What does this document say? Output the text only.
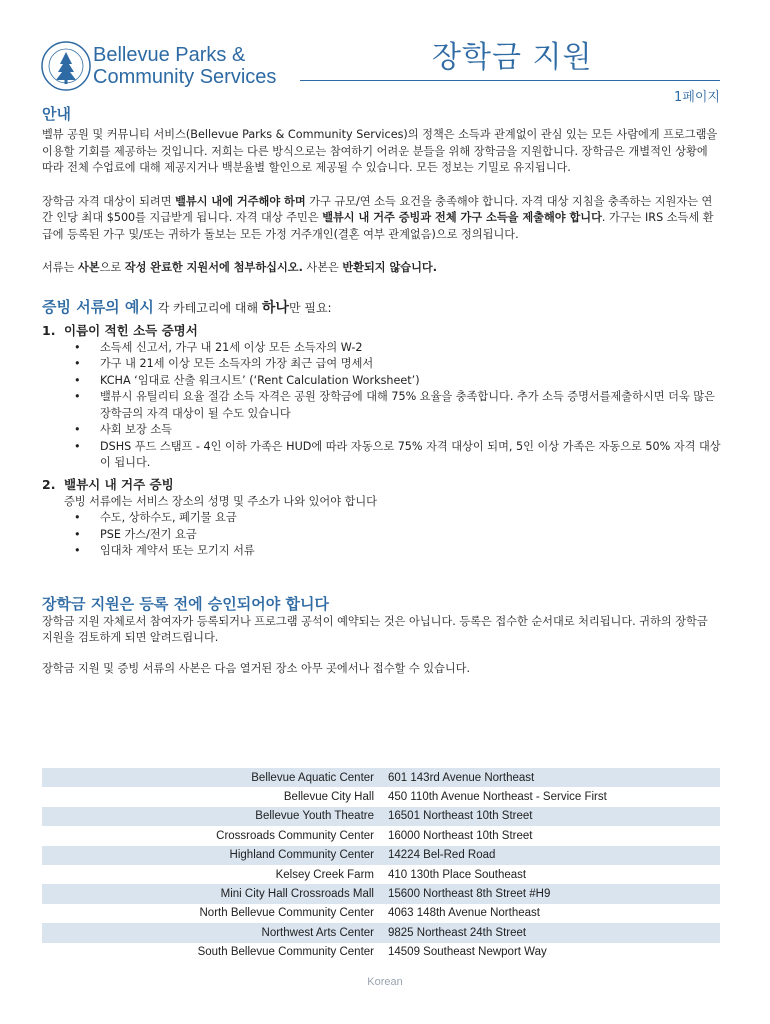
Bellevue Parks &
Community Services
장학금 지원
1페이지
안내

벨뷰 공원 및 커뮤니티 서비스(Bellevue Parks & Community Services)의 정책은 소득과 관계없이 관심 있는 모든 사람에게 프로그램을 이용할 기회를 제공하는 것입니다. 저희는 다른 방식으로는 참여하기 어려운 분들을 위해 장학금을 지원합니다. 장학금은 개별적인 상황에 따라 전체 수업료에 대해 제공지거나 백분율별 할인으로 제공될 수 있습니다. 모든 정보는 기밀로 유지됩니다.

장학금 자격 대상이 되려면 밸뷰시 내에 거주해야 하며 가구 규모/연 소득 요건을 충족해야 합니다. 자격 대상 지침을 충족하는 지원자는 연간 인당 최대 $500를 지급받게 됩니다. 자격 대상 주민은 밸뷰시 내 거주 증빙과 전체 가구 소득을 제출해야 합니다. 가구는 IRS 소득세 환급에 등록된 가구 및/또는 귀하가 돌보는 모든 가정 거주개인(결혼 여부 관계없음)으로 정의됩니다.

서류는 사본으로 작성 완료한 지원서에 첨부하십시오. 사본은 반환되지 않습니다.

증빙 서류의 예시 각 카테고리에 대해 하나만 필요:
1. 이름이 적힌 소득 증명서
• 소득세 신고서, 가구 내 21세 이상 모든 소득자의 W-2
• 가구 내 21세 이상 모든 소득자의 가장 최근 급여 명세서
• KCHA ‘임대료 산출 워크시트’ (‘Rent Calculation Worksheet’)
• 밸뷰시 유틸리티 요율 절감 소득 자격은 공원 장학금에 대해 75% 요율을 충족합니다. 추가 소득 증명서를제출하시면 더욱 많은 장학금의 자격 대상이 될 수도 있습니다
• 사회 보장 소득
• DSHS 푸드 스탬프 - 4인 이하 가족은 HUD에 따라 자동으로 75% 자격 대상이 되며, 5인 이상 가족은 자동으로 50% 자격 대상이 됩니다.
2. 밸뷰시 내 거주 증빙

증빙 서류에는 서비스 장소의 성명 및 주소가 나와 있어야 합니다

• 수도, 상하수도, 폐기물 요금
• PSE 가스/전기 요금
• 임대차 계약서 또는 모기지 서류
장학금 지원은 등록 전에 승인되어야 합니다

장학금 지원 자체로서 참여자가 등록되거나 프로그램 공석이 예약되는 것은 아닙니다. 등록은 접수한 순서대로 처리됩니다. 귀하의 장학금 지원을 검토하게 되면 알려드립니다.

장학금 지원 및 증빙 서류의 사본은 다음 열거된 장소 아무 곳에서나 접수할 수 있습니다.

Bellevue Aquatic Center	601 143rd Avenue Northeast
Bellevue City Hall	450 110th Avenue Northeast - Service First
Bellevue Youth Theatre	16501 Northeast 10th Street
Crossroads Community Center	16000 Northeast 10th Street
Highland Community Center	14224 Bel-Red Road
Kelsey Creek Farm	410 130th Place Southeast
Mini City Hall Crossroads Mall	15600 Northeast 8th Street #H9
North Bellevue Community Center	4063 148th Avenue Northeast
Northwest Arts Center	9825 Northeast 24th Street
South Bellevue Community Center	14509 Southeast Newport Way
Korean
